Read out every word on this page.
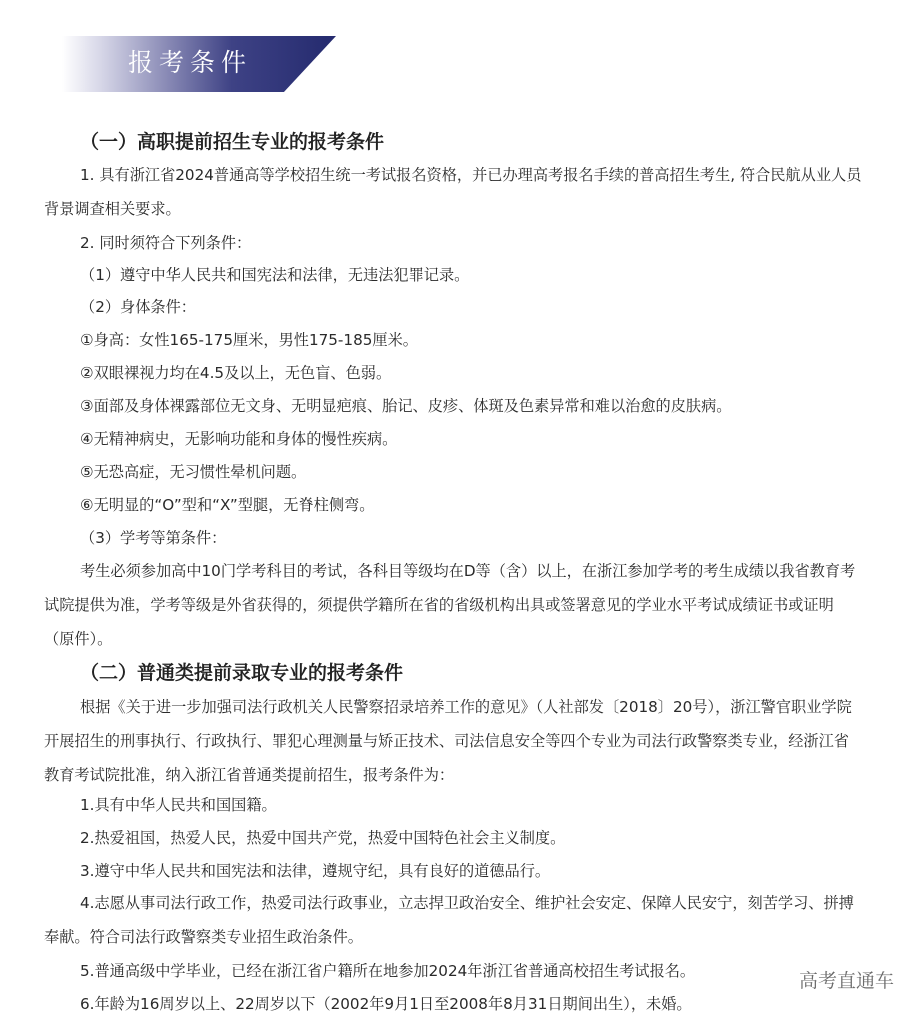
报考条件
（一）高职提前招生专业的报考条件

1. 具有浙江省2024普通高等学校招生统一考试报名资格，并已办理高考报名手续的普高招生考生, 符合民航从业人员背景调查相关要求。

2. 同时须符合下列条件：

（1）遵守中华人民共和国宪法和法律，无违法犯罪记录。

（2）身体条件：

①身高：女性165-175厘米，男性175-185厘米。

②双眼裸视力均在4.5及以上，无色盲、色弱。

③面部及身体裸露部位无文身、无明显疤痕、胎记、皮疹、体斑及色素异常和难以治愈的皮肤病。

④无精神病史，无影响功能和身体的慢性疾病。

⑤无恐高症，无习惯性晕机问题。

⑥无明显的“O”型和“X”型腿，无脊柱侧弯。

（3）学考等第条件：

考生必须参加高中10门学考科目的考试，各科目等级均在D等（含）以上，在浙江参加学考的考生成绩以我省教育考试院提供为准，学考等级是外省获得的，须提供学籍所在省的省级机构出具或签署意见的学业水平考试成绩证书或证明（原件）。

（二）普通类提前录取专业的报考条件

根据《关于进一步加强司法行政机关人民警察招录培养工作的意见》（人社部发〔2018〕20号），浙江警官职业学院开展招生的刑事执行、行政执行、罪犯心理测量与矫正技术、司法信息安全等四个专业为司法行政警察类专业，经浙江省教育考试院批准，纳入浙江省普通类提前招生，报考条件为：

1.具有中华人民共和国国籍。

2.热爱祖国，热爱人民，热爱中国共产党，热爱中国特色社会主义制度。

3.遵守中华人民共和国宪法和法律，遵规守纪，具有良好的道德品行。

4.志愿从事司法行政工作，热爱司法行政事业，立志捍卫政治安全、维护社会安定、保障人民安宁，刻苦学习、拼搏奉献。符合司法行政警察类专业招生政治条件。

5.普通高级中学毕业，已经在浙江省户籍所在地参加2024年浙江省普通高校招生考试报名。

6.年龄为16周岁以上、22周岁以下（2002年9月1日至2008年8月31日期间出生），未婚。

高考直通车
